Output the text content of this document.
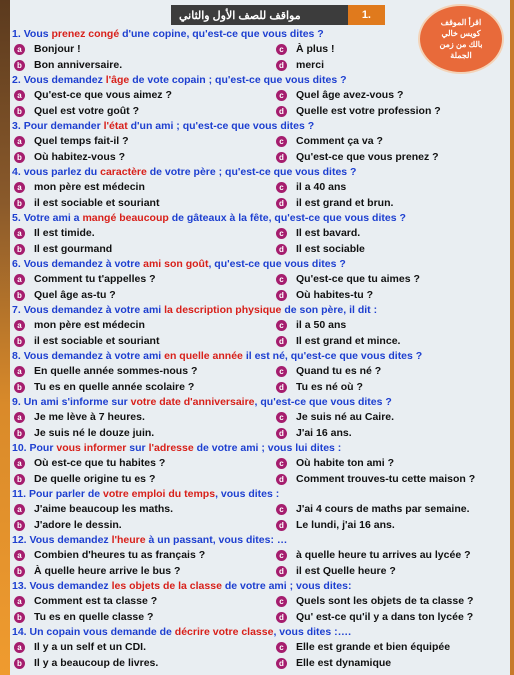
مواقف للصف الأول والثاني	1.
اقرأ الموقف
كويس خالي
بالك من زمن
الجملة
1. Vous prenez congé d'une copine, qu'est-ce que vous dites ?
a	Bonjour !	c	À plus !
b Bon anniversaire.	d merci
2. Vous demandez l'âge de vote copain ; qu'est-ce que vous dites ?
a	Qu'est-ce que vous aimez ?	c	Quel âge avez-vous ?
b Quel est votre goût ?	d Quelle est votre profession ?
3. Pour demander l'état d'un ami ; qu'est-ce que vous dites ?
a	Quel temps fait-il ?	c	Comment ça va ?
b Où habitez-vous ?	d Qu'est-ce que vous prenez ?
4. vous parlez du caractère de votre père ; qu'est-ce que vous dites ?
a	mon père est médecin	c	il a 40 ans
b il est sociable et souriant	d il est grand et brun.
5. Votre ami a mangé beaucoup de gâteaux à la fête, qu'est-ce que vous dites ?
a	Il est timide.	c	Il est bavard.
b Il est gourmand	d Il est sociable
6. Vous demandez à votre ami son goût, qu'est-ce que vous dites ?
a	Comment tu t'appelles ?	c	Qu'est-ce que tu aimes ?
b Quel âge as-tu ?	d Où habites-tu ?
7. Vous demandez à votre ami la description physique de son père, il dit :
a	mon père est médecin	c	il a 50 ans
b il est sociable et souriant	d Il est grand et mince.
8. Vous demandez à votre ami en quelle année il est né, qu'est-ce que vous dites ?
a	En quelle année sommes-nous ?	c	Quand tu es né ?
b Tu es en quelle année scolaire ?	d Tu es né où ?
9. Un ami s'informe sur votre date d'anniversaire, qu'est-ce que vous dites ?
a	Je me lève à 7 heures.	c	Je suis né au Caire.
b Je suis né le douze juin.	d J'ai 16 ans.
10. Pour vous informer sur l'adresse de votre ami ; vous lui dites :
a	Où est-ce que tu habites ?	c	Où habite ton ami ?
b De quelle origine tu es ?	d Comment trouves-tu cette maison ?
11. Pour parler de votre emploi du temps, vous dites :
a	J'aime beaucoup les maths.	c	J'ai 4 cours de maths par semaine.
b J'adore le dessin.	d Le lundi, j'ai 16 ans.
12. Vous demandez l'heure à un passant, vous dites: …
a	Combien d'heures tu as français ?	c	à quelle heure tu arrives au lycée ?
b À quelle heure arrive le bus ?	d il est Quelle heure ?
13. Vous demandez les objets de la classe de votre ami ; vous dites:
a	Comment est ta classe ?	c	Quels sont les objets de ta classe ?
b Tu es en quelle classe ?	d Qu' est-ce qu'il y a dans ton lycée ?
14. Un copain vous demande de décrire votre classe, vous dites :….
a	Il y a un self et un CDI.	c	Elle est grande et bien équipée
b Il y a beaucoup de livres.	d Elle est dynamique
